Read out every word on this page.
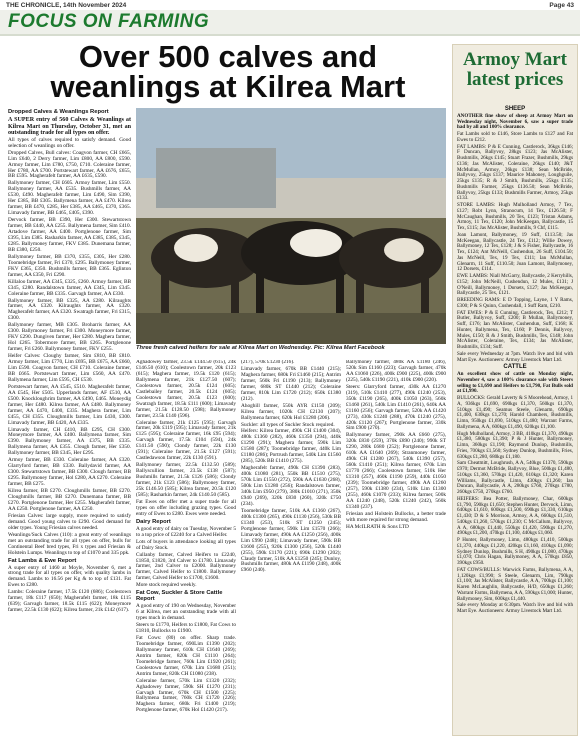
THE CHRONICLE, 14th November 2024	Page 43
FOCUS ON FARMING
Over 500 calves and weanlings at Kilrea Mart
Dropped Calves & Weanlings Report

A SUPER entry of 560 Calves & Weanlings at Kilrea Mart on Thursday, October 31, met an outstanding trade for all types on offer.

All types of calves required to satisfy demand. Good selection of weanlings on offer.

Dropped Calves, Bull calves: Coagvon farmer, CH £665, Lim £640, 2 Derry farmer, Lim £800, AA £800, £590. Armoy farmer, Lim £780, £750, £710. Coleraine farmer, Her £780, AA £700. Portstewart farmer, AA £676, £655, BB £595. Magherafelt farmer, AA £635, £590.

Ballymoney farmer, CH £605. Armoy farmer, Lim £550. Ballymoney farmer, AA £535. Bushmills farmer, AA £530, £490. Magherafelt farmer, Lim £490, Sim £390, Her £385, BB £305. Ballymena farmer, AA £470. Kilrea farmer, BB £470, £285, Her £385, AA £465, £370, £365. Limavady farmer, BB £465, £405, £390.

Dervock farmer, BB £390, Her £300. Stewartstown farmer, BB £440, AA £255. Ballymena farmer, Sim £410. Artadove farmer, AA £400. Portglenone farmer, Sim £395, Lim £385. Rasharkin farmer, AA £385, £385, £345, £285. Ballymoney farmer, FKV £385. Dunemana farmer, BB £380, £250.

Ballymoney farmer, BB £370, £355, £305, Her £280. Toomebridge farmer, Fri £370, £295. Ballymoney farmer, FKV £365, £350. Bushmills farmer, BB £365. Eglinton farmer, AA £350, Fri £290.

Killaloo farmer, AA £345, £325, £260. Armoy farmer, BB £345, £280. Randalstown farmer, AA £345, Lim £345. Coleraine farmer, BB £335. Garvagh farmer, AA £330.

Ballymoney farmer, BB £325, AA £280. Kilraughts farmer, AA £320. Kilraughts farmer, AA £320. Magherafelt farmer, AA £320. Swatragh farmer, Fri £315, £300.

Ballymoney farmer, MB £305. Broharris farmer, AA £300. Ballymoney farmer, Fri £300. Moneymore farmer, FKV £290. Dungiven farmer, Her £280. Maghera farmer, Hol £265. Tobermore farmer, BB £265. Portglenone farmer, Fri £260. Ballymoney farmer, FKV £255.

Heifer Calves: Cloughy farmer, Sim £810, BB £810. Armoy farmer, Lim £770, Lim £695, BB £675, AA £660, Lim £590. Coagvon farmer, CH £710. Coleraine farmer, BB £665. Portstewart farmer, Lim £560, AA £470. Ballymena farmer, Lim £595, CH £530.

Portstewart farmer, AA £545, £510. Magherafelt farmer, AA £545, Her £505. Upperlands farmer, AF £510, AA £500. Knockloughrim farmer, AA £490, £465. Moneydig farmer, Her £480. Kilrea farmer, AA £480. Ballymoney farmer, AA £470, £400, £335. Maghera farmer, Lim £455, CH £355. Cloughmills farmer, Lim £430, £300. Limavady farmer, BB £420, AA £335.

Limavady farmer, CH £410, BB £295, CH £300. Moneymore farmer, AA £400. Ballymena farmer, Sim £390. Ballymoney farmer, AA £375, BB £335. Ballymena farmer, AA £355. Clough farmer, Her £350. Ballymoney farmer, BB £345, Her £295.

Armoy farmer, BB £330. Coleraine farmer, AA £320. Glarryford farmer, BB £330. Ballydavid farmer, AA £300. Stewartstown farmer, BB £300. Clough farmer, BB £295. Ballymoney farmer, Hol £280, AA £270. Coleraine farmer, BB £275.

Kilrea farmer, BB £270. Cloughmills farmer, BB £270. Cloughmills farmer, BB £270. Dunemana farmer, BB £270. Portglenone farmer, Her £255. Magherafelt farmer, AA £250. Portglenone farmer, AA £250.

Friesian Calves: large supply, more required to satisfy demand. Good young calves to £290. Good demand for older types. Young Friesian calves needed.

Weanlings/Suck Calves (110): a great entry of weanlings met an outstanding trade for all types on offer, bulls for Continental Beef bred types, Fri x types and Friesian & Holstein Lumps. Weanlings to top of £1070 and 335 ppk.

Fat Lambs & Ewe Report

A super entry of 1460 at Moyle, November 6, met a strong trade for all types on offer, with quality lambs in demand. Lambs to 16.56 per Kg & to top of £131. Fat Ewes to £280.

Lambs: Coleraine farmer, 17.5k £120 (686); Coolestown farmer, 18k £117 (650); Magherafelt farmer, 18k £115 (639); Garvagh farmer, 18.5k £115 (622); Moneymore farmer, 22.5k £130 (622); Kilrea farmer, 21k £142 (617).

Three fresh calved heifers for sale at Kilrea Mart on Wednesday. Pic: Kilrea Mart Facebook

Aghadowey farmer, 23.5k £144.50 (615), 24k £146.50 (610); Coolestown farmer, 20k £123 (615); Maghera farmer, 19.5k £120 (615); Ballymena farmer, 21k £127.50 (607); Coolestown farmer, 20.5k £124 (605); Castlebailey farmer, 20.5k £124 (605); Coolestown farmer, 20.5k £123 (600); Swatragh farmer, 18.5k £111 (600); Limavady farmer, 21.5k £128.50 (598); Ballymoney farmer, 23.5k £140 (596).

Coleraine farmer, 21k £125 (595); Garvagh farmer, 20k £119 (595); Limavady farmer, 21k £125 (595); Coleraine farmer, 16k £95 (594); Garvagh farmer, 17.5k £104 (594), 24k £141.50 (590); Clondy farmer, 22k £130 (591); Coleraine farmer, 21.5k £127 (591); Castledawson farmer, 22k £130 (591).

Ballymoney farmer, 22.5k £132.50 (589); Ballyscullion farmer, 23.5k £138 (587); Bushmills farmer, 21.5k £126 (586); Clondy farmer, 21k £123 (586); Ballymoney farmer, 25k £146.50 (585); Kilrea farmer, 20.5k £120 (585); Rasharkin farmer, 24k £140.50 (585).

Fat Ewes on offer met a super trade for all types on offer including grazing types. Good entry of Ewes to £280. Ewes were needed.

Dairy Report

A good entry of dairy on Tuesday, November 5 to a top price of £2240 for a Calved Heifer.

Lots of buyers in attendance looking all types of Dairy Stock.

Cullanby farmer, Calved Heifers to £2240, £1850, £1820, 3rd Calver to £1780. Limavady farmer, 2nd Calver to £2000. Ballymoney farmer, Calved Heifer to £1800. Ballymoney farmer, Calved Heifer to £1700, £1600.

More stock required weekly.

Fat Cow, Suckler & Store Cattle Report

A good entry of 190 on Wednesday, November 6 at Kilrea, met an outstanding trade with all types much in demand.

Steers to £1770, Heifers to £1800, Fat Cows to £1810, Bullocks to £1900.

Fat Cows: (80) on offer. Sharp trade. Toomebridge farmer, 690Lim £1390 (202); Ballymoney farmer, 610k CH £1640 (269); Antrim farmer, 820k CH £1110 (264); Toomebridge farmer, 760k Lim £1920 (261); Coolestown farmer, 670k Lim £1680 (251); Antrim farmer, 820k CH £1080 (238).

Coleraine farmer, 570k Lim £1320 (232); Aghadowey farmer, 590k SH £1270 (231); Garvagh farmer, 670k CH £1500 (225); Ballymena farmer, 760k CH £1720 (226); Maghera farmer, 680k Fri £1400 (219); Portglenone farmer, 670k Hol £1420 (217).

(217), 570k £1230 (216).

Limavady farmer, 670k BB £1440 (215); Maghera farmer, 680k Fri £1460 (215); Antrim farmer, 560k Fri £1190 (213); Ballymoney farmer, 680k ST £1440 (212); Coleraine farmer, 810k Lim £1720 (212); 650k £1380 (212).

Ahoghill farmer, 550k AYR £1150 (209); Kilrea farmer, 1020k CH £2130 (207); Ballymena farmer, 620k Hol £1280 (206).

Suckler: all types of Suckler Stock required.

Heifers: Kilrea farmer, 490k CH £1400 (304), 480k £1360 (282), 460k £1350 (294), 440k £1290 (291); Maghera farmer, 590k Lim £1580 (287); Toomebridge farmer, 440k Lim £1180 (286); Portrush farmer, 540k Lim £1560 (285), 520k BB £1410 (275).

Magherafelt farmer, 490k CH £1390 (283), 400k £1080 (281), 550k BB £1510 (275), 570k Lim £1550 (272), 590k AA £1630 (268), 500k Lim £1280 (256); Randalstown farmer, 340k Lim £950 (279), 380k £1010 (271), 350k £940 (269), 320k £830 (260), 320k £750 (234).

Toomebridge farmer, 510k AA £1360 (267), 400k £1300 (265), 490k £1130 (256), 530k BB £1340 (253), 510k ST £1250 (245); Portglenone farmer, 590k Lim £1570 (266); Limavady farmer, 490k AA £1250 (256), 400k Lim £990 (248); Limavady farmer, 590k BB £1600 (255), 920k £1300 (256), 520k £1440 (255), 590k £1170 (221); 690k £1290 (202); Claudy farmer, 510k AA £1250 (245); Dunloy, Bushmills farmer, 480k AA £1190 (248), 400k £960 (240).

Ballymoney farmer, 480k AA £1180 (246), 520k Sim £1160 (223); Garvagh farmer, 470k AA £1060 (226), 400k £900 (225), 400k £900 (225), 540k £1190 (221), 410k £900 (220).

Steers: Glarryford farmer, 430k AA £1270 (319), 510k £1410 (277), 490k £1240 (253), 350k £1190 (265), 400k £1050 (263), 560k £1460 (261), 540k Lim £1410 (261), 640k AA £1160 (256); Garvagh farmer, 520k AA £1420 (273), 430k £1240 (288), 470k £1240 (275), 420k £1120 (267); Portglenone farmer, 330k Sim £900 (270).

Ballymoney farmer, 290k AA £660 (275), 320k £830 (259), 370k £890 (240); 990k ST £290, 280k £680 (252); Portglenone farmer, 610k AA £1640 (269); Stranmoney farmer, 490k CH £1280 (267), 540k £1390 (257), 560k £1410 (251); Kilrea farmer, 670k Lim £1770 (266); Coolestown farmer, 510k Her £1310 (257), 460k £1190 (259), 440k £1050 (239); Toomebridge farmer, 490k AA £1260 (257), 590k £1380 (234), 510k Lim £1300 (255), 460k £1070 (233); Kilrea farmer, 500k AA £1240 (248), 520k £1240 (242), 560k £1340 (237).

Friesian and Holstein Bullocks, a better trade with more required for strong demand.

HA McILRATH & Sons LTD

Armoy Mart latest prices
SHEEP

ANOTHER fine show of sheep at Armoy Mart on Wednesday night, November 6, saw a super trade had by all and 100% clearance.

Fat Lambs sold to £146, Store Lambs to £127 and Fat Ewes to £212.

FAT LAMBS: P & E Cunning, Castlerock, 36kgs £146; F Duncan, Ballyvoy, 28kgs £123; Jas McAlister, Bushmills, 26kgs £145; Stuart Frazer, Bushmills, 29kgs £136; Jas McAlister, Coleraine, 26kgs £140; J&T McMullan, Armoy, 26kgs £138; Sean McBride, Ballyvoy, 25kgs £137; Maurice Mahoney, Loughguile, 25kgs £135; R & J Smith, Bushmills, 25kgs £135; Bushmills Farmer, 25kgs £136.50; Sean McBride, Ballyvoy, 25kgs £133; Bushmills Farmer, Armoy, 25kgs £133.

STORE LAMBS: Hugh Mulholland Armoy, 7 Tex, £127; Robt Lynn, Stranocum, 14 Tex, £126.50; F McCaughan, Bushmills, 20 Tex, £123; Tristan Adams, Armoy, 11 Tex, £120; John McKeegan, Ballycastle, 15 Tex, £115; Jas McAlister, Bushmills, 9 Chf, £115.

Joan Lamont, Ballymoney, 19 Suff, £113.50; Jas McKeegan, Ballycastle, 24 Tex, £112; Willie Dowey, Ballymoney, 12 Tex, £128; J & S Fisher, Ballycastle, 16 Tex, £124; Ant McNeill, Cushendun, 26 Suff, £104.50; Jas McNeill, Tex, 19 Tex, £111; Ian McMullan, Glenarm, 11 Suff, £110.50; Joan Lamont, Ballymoney, 12 Dorsets, £114.

EWE LAMBS: Niall McGarry, Ballycastle, 2 Kerryhills, £152; John McNeill, Cushendun, 12 Mules, £131; J O'Neill, Ballymoney, 1 Dorsets, £127; Jas McKeegan, Ballycastle, 25 Tex, £121.

BREEDING RAMS: E D Topping, Layne, 1 Y Rams, £300; P & S Quinn, Cushendall, 1 Suff Ram, £210.

FAT EWES: P & E Cunning, Castlerock, Tex, £212; T Butler, Ballyvoy, Suff, £200; B Mullan, Ballymoney, Suff, £176; Ian McAlister, Cushendun, Suff, £168; K Hunter, Ballymena, Tex, £160; P Dennis, Ballyvoy, Mules, £150; R & J Smith, Bushmills, Tex, £148; John McAlister, Coleraine, Tex, £134; Jas McAlister, Bushmills, £134; Suff.

Sale every Wednesday at 7pm. Watch live and bid with Mart Eye. Auctioneers: Armoy Livestock Mart Ltd.

CATTLE

An excellent show of cattle on Monday night, November 4, saw a 100% clearance sale with Steers selling to £1,690 and Heifers to £1,790, Fat Bulls sold at £1,990.

BULLOCKS: Gerald Laverty & S Moorehead, Armoy, 1 A, 936kgs £1,690, 690kgs £1,370, 560kgs £1,370, 510kgs £1,490; Seamus Steele, Glenarm, 690kgs £1,400, 630kgs £1,270; Harold Chambers, Bushmills, Limn, 950kgs £1,690, 510kgs £1,480; Warrant Farms, Ballymena, A A, 600kgs £1,490, 620kgs £1,100.

Hugh Mulholland, Armoy, 3 BB, 410kgs £1,370, 490kgs £1,380, 580kgs £1,390; P & J Hunter, Ballymoney, Limn, 360kgs £1,190; Raymond Dunlop, Bushmills, Fries, 700kgs £1,560; Sydney Dunlop, Bushmills, Fries, 630kgs £1,280, 680kgs £1,180.

Sam Cheatmitt, Loughrush, A A, 540kgs £1370, 590kgs £970; Dermot McBride, Ballyvoy, Blue, 500kgs £1,480, 510kgs £1,360, 570kgs £1,420, 610kgs £1,320; Karen Williams, Ballycastle, Limn, 430kgs £1,260; Ian Duncan, Ballycastle, A A, 280kgs £760, 270kgs £780, 260kgs £750, 270kgs £760.

HEIFERS: Bea Potter, Ballymoney, Char, 600kgs £1,790, 590kgs £1,650; Stephen Hunter, Dervock, Limn, 640kgs £1,610, 600kgs £1,500, 690kgs £1,330, 610kgs £1,430; D & S Morrison, Armoy, A A, 660kgs £1,510, 540kgs £1,260, 570kgs £1,230; C McCallum, Ballyvoy, A A, 680kgs £1,440, 550kgs £1,420, 590kgs £1,270, 490kgs £1,200, 470kgs £1,100, 440kgs £1,060.

P Hunter, Ballymoney, Limn, 480kgs £1,410, 500kgs £1,370, 440kgs £1,220, 420kgs £1,160, 410kgs £1,090; Sydney Dunlop, Bushmills, S H, 490kgs £1,080, 470kgs £1,070; Chris Hagan, Ballymoney, A A, 570kgs £850, 390kgs £950.

FAT COWS/BULLS: Warwick Farms, Ballymena, A A, 1,120kgs £1,990; S Steele, Glenarm, Lim, 790kgs £1,100; Jas McAlister, Ballycastle, A A, 700kgs £1,100; Karen McLaughlin, Ballycastle, H/D, 650kgs £1,260; Warrant Farms, Ballymena, A A, 590kgs £1,000; Hunter, Ballymoney, Sim, 600kgs £1,440.

Sale every Monday at 6:30pm. Watch live and bid with Mart Eye. Auctioneers: Armoy Livestock Mart Ltd.
